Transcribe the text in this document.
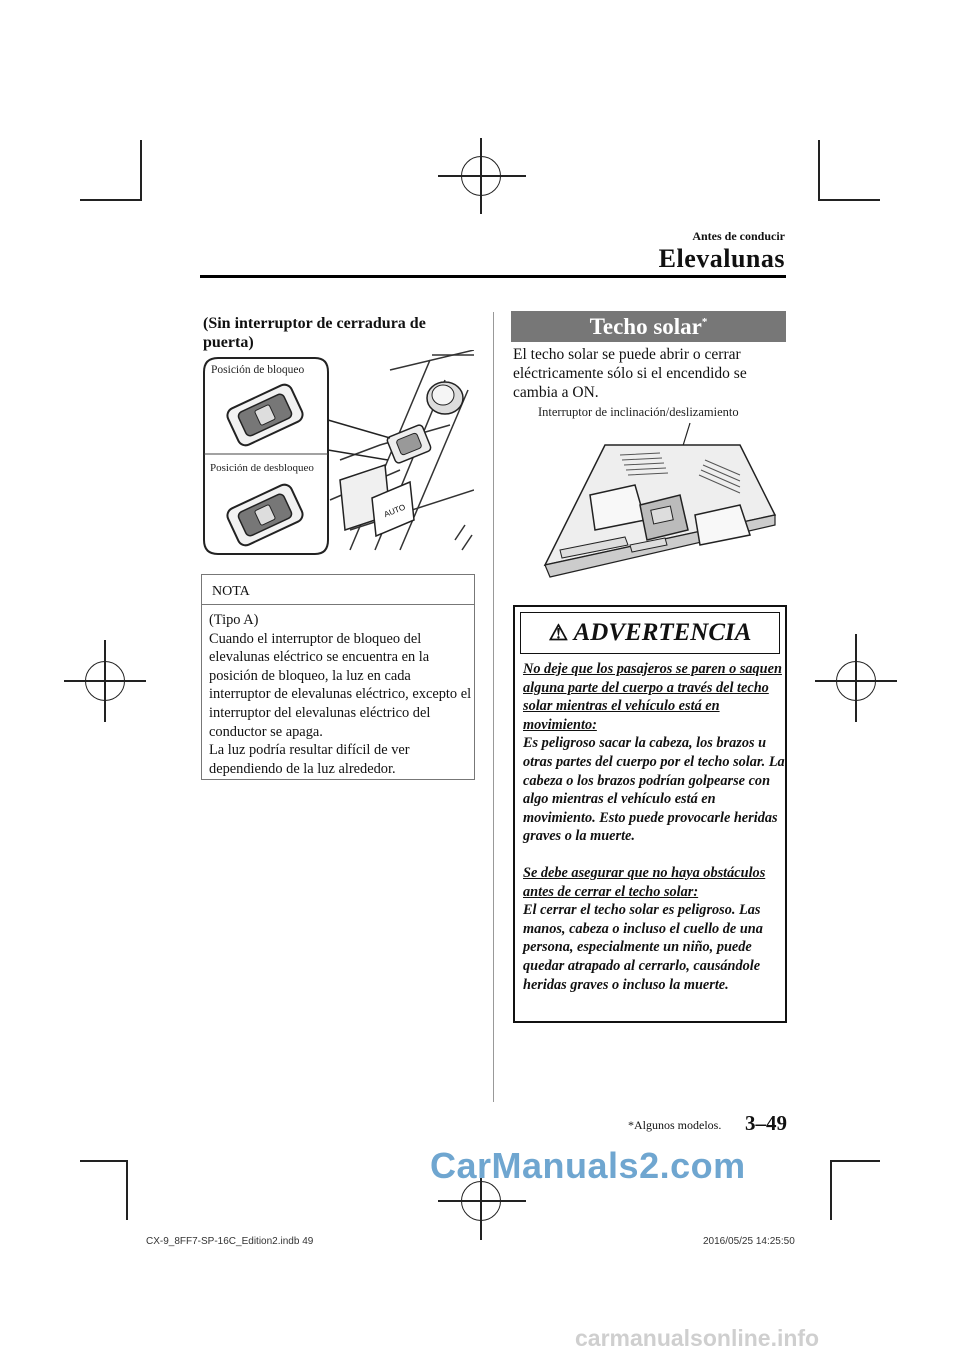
Antes de conducir
Elevalunas
(Sin interruptor de cerradura de puerta)
AUTO
Posición de bloqueo
Posición de desbloqueo
NOTA
(Tipo A)
Cuando el interruptor de bloqueo del elevalunas eléctrico se encuentra en la posición de bloqueo, la luz en cada interruptor de elevalunas eléctrico, excepto el interruptor del elevalunas eléctrico del conductor se apaga.
La luz podría resultar difícil de ver dependiendo de la luz alrededor.
Techo solar*
El techo solar se puede abrir o cerrar eléctricamente sólo si el encendido se cambia a ON.
Interruptor de inclinación/deslizamiento
⚠ ADVERTENCIA
No deje que los pasajeros se paren o saquen alguna parte del cuerpo a través del techo solar mientras el vehículo está en movimiento:
Es peligroso sacar la cabeza, los brazos u otras partes del cuerpo por el techo solar. La cabeza o los brazos podrían golpearse con algo mientras el vehículo está en movimiento. Esto puede provocarle heridas graves o la muerte.
Se debe asegurar que no haya obstáculos antes de cerrar el techo solar:
El cerrar el techo solar es peligroso. Las manos, cabeza o incluso el cuello de una persona, especialmente un niño, puede quedar atrapado al cerrarlo, causándole heridas graves o incluso la muerte.
*Algunos modelos. 3–49
CarManuals2.com
CX-9_8FF7-SP-16C_Edition2.indb 49	2016/05/25 14:25:50
carmanualsonline.info
